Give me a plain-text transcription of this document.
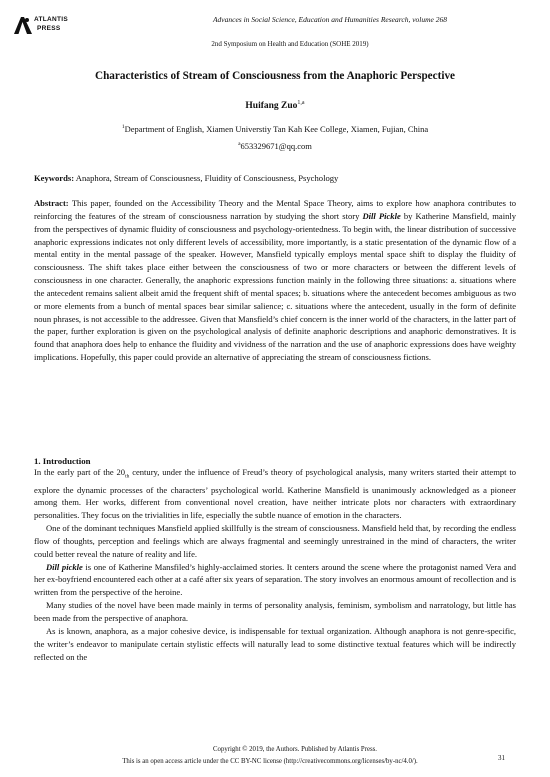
ATLANTIS
PRESS
Advances in Social Science, Education and Humanities Research, volume 268
2nd Symposium on Health and Education (SOHE 2019)
Characteristics of Stream of Consciousness from the Anaphoric Perspective
Huifang Zuo$^{1,a}$
$^1$Department of English, Xiamen Universtiy Tan Kah Kee College, Xiamen, Fujian, China
$^a$653329671@qq.com
Keywords: Anaphora, Stream of Consciousness, Fluidity of Consciousness, Psychology
Abstract: This paper, founded on the Accessibility Theory and the Mental Space Theory, aims to explore how anaphora contributes to reinforcing the features of the stream of consciousness narration by studying the short story Dill Pickle by Katherine Mansfield, mainly from the perspectives of dynamic fluidity of consciousness and psychology-orientedness. To begin with, the linear distribution of successive anaphoric expressions indicates not only different levels of accessibility, more importantly, is a static presentation of the dynamic flow of a mental entity in the mental passage of the speaker. However, Mansfield typically employs mental space shift to display the fluidity of consciousness. The shift takes place either between the consciousness of two or more characters or between the different levels of consciousness in one character. Generally, the anaphoric expressions function mainly in the following three situations: a. situations where the antecedent remains salient albeit amid the frequent shift of mental spaces; b. situations where the antecedent becomes ambiguous as two or more elements from a bunch of mental spaces bear similar salience; c. situations where the antecedent, usually in the form of definite noun phrases, is not accessible to the addressee. Given that Mansfield’s chief concern is the inner world of the characters, in the latter part of the paper, further exploration is given on the psychological analysis of definite anaphoric descriptions and anaphoric demonstratives. It is found that anaphora does help to enhance the fluidity and vividness of the narration and the use of anaphoric expressions does have weighty implications. Hopefully, this paper could provide an alternative of appreciating the stream of consciousness fictions.
1. Introduction

In the early part of the $20_{th}$ century, under the influence of Freud’s theory of psychological analysis, many writers started their attempt to explore the dynamic processes of the characters’ psychological world. Katherine Mansfield is unanimously acknowledged as a pioneer among them. Her works, different from conventional novel creation, have neither intricate plots nor characters with extraordinary personalities. They focus on the trivialities in life, especially the subtle nuance of emotion in the characters.

One of the dominant techniques Mansfield applied skillfully is the stream of consciousness. Mansfield held that, by recording the endless flow of thoughts, perception and feelings which are always fragmental and seemingly unrestrained in the mind of characters, the writer could better reveal the nature of reality and life.

Dill pickle is one of Katherine Mansfiled’s highly-acclaimed stories. It centers around the scene where the protagonist named Vera and her ex-boyfriend encountered each other at a café after six years of separation. The story involves an enormous amount of recollection and is written from the perspective of the heroine.

Many studies of the novel have been made mainly in terms of personality analysis, feminism, symbolism and narratology, but little has been made from the perspective of anaphora.

As is known, anaphora, as a major cohesive device, is indispensable for textual organization. Although anaphora is not genre-specific, the writer’s endeavor to manipulate certain stylistic effects will naturally lead to some distinctive textual features which will be indirectly reflected on the

Copyright © 2019, the Authors. Published by Atlantis Press.
This is an open access article under the CC BY-NC license (http://creativecommons.org/licenses/by-nc/4.0/).	31
